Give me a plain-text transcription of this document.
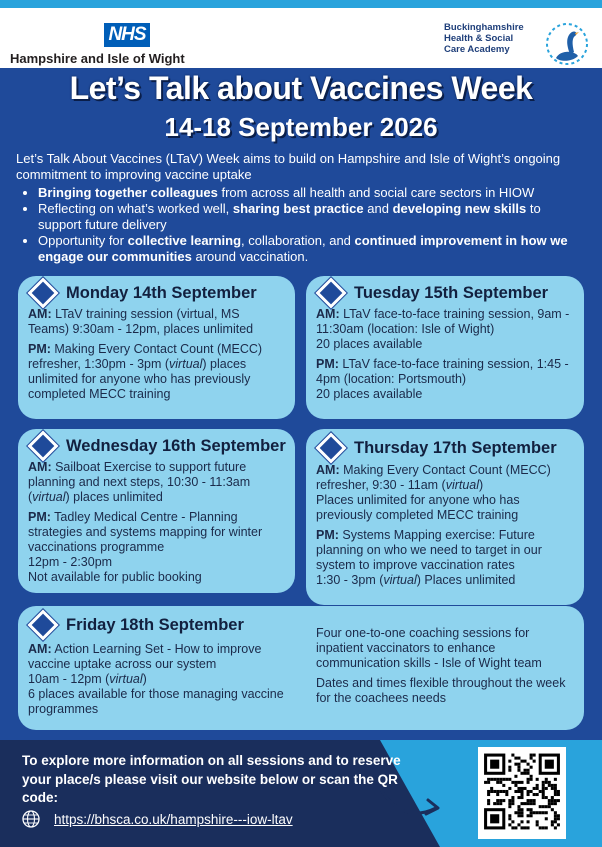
NHS
Hampshire and Isle of Wight
Buckinghamshire
Health & Social
Care Academy
Let’s Talk about Vaccines Week
14-18 September 2026

Let’s Talk About Vaccines (LTaV) Week aims to build on Hampshire and Isle of Wight’s ongoing commitment to improving vaccine uptake

• Bringing together colleagues from across all health and social care sectors in HIOW
• Reflecting on what’s worked well, sharing best practice and developing new skills to support future delivery
• Opportunity for collective learning, collaboration, and continued improvement in how we engage our communities around vaccination.
Monday 14th September

AM: LTaV training session (virtual, MS Teams) 9:30am - 12pm, places unlimited

PM: Making Every Contact Count (MECC) refresher, 1:30pm - 3pm (virtual) places unlimited for anyone who has previously completed MECC training

Tuesday 15th September

AM: LTaV face-to-face training session, 9am - 11:30am (location: Isle of Wight)
20 places available

PM: LTaV face-to-face training session, 1:45 - 4pm (location: Portsmouth)
20 places available

Wednesday 16th September

AM: Sailboat Exercise to support future planning and next steps, 10:30 - 11:3am (virtual) places unlimited

PM: Tadley Medical Centre - Planning strategies and systems mapping for winter vaccinations programme
12pm - 2:30pm
Not available for public booking

Thursday 17th September

AM: Making Every Contact Count (MECC) refresher, 9:30 - 11am (virtual)
Places unlimited for anyone who has previously completed MECC training

PM: Systems Mapping exercise: Future planning on who we need to target in our system to improve vaccination rates
1:30 - 3pm (virtual) Places unlimited

Friday 18th September

AM: Action Learning Set - How to improve vaccine uptake across our system
10am - 12pm (virtual)
6 places available for those managing vaccine programmes

Four one-to-one coaching sessions for inpatient vaccinators to enhance communication skills - Isle of Wight team

Dates and times flexible throughout the week for the coachees needs

To explore more information on all sessions and to reserve your place/s please visit our website below or scan the QR code:
https://bhsca.co.uk/hampshire---iow-ltav
